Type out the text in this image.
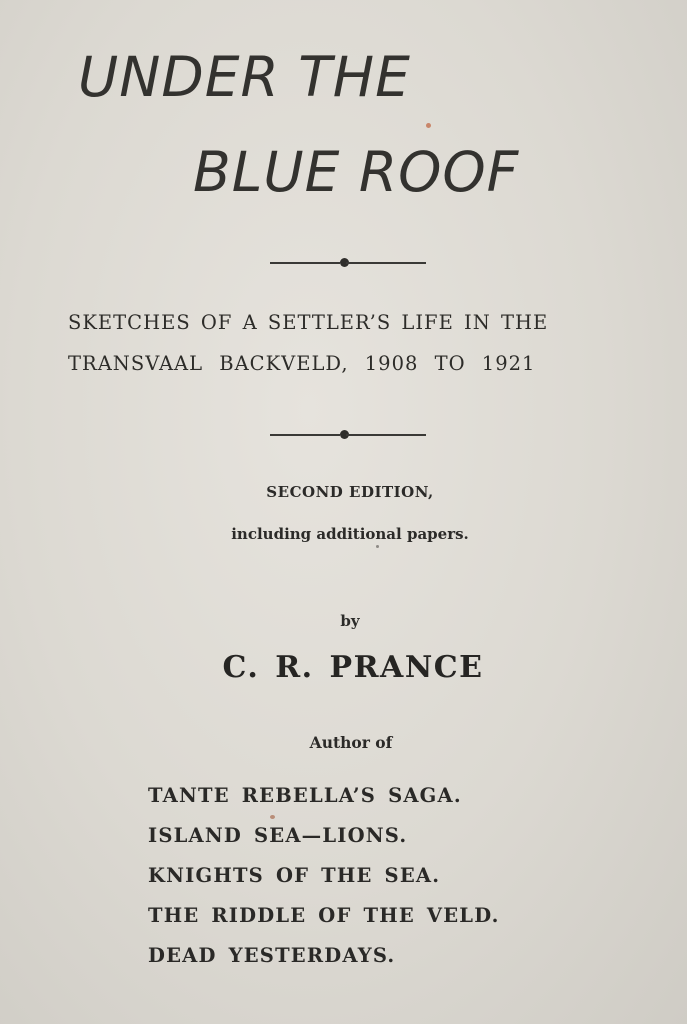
UNDER THE
BLUE ROOF
SKETCHES OF A SETTLER’S LIFE IN THE
TRANSVAAL BACKVELD, 1908 TO 1921
SECOND EDITION,
including additional papers.
by
C. R. PRANCE
Author of
TANTE REBELLA’S SAGA.
ISLAND SEA—LIONS.
KNIGHTS OF THE SEA.
THE RIDDLE OF THE VELD.
DEAD YESTERDAYS.
